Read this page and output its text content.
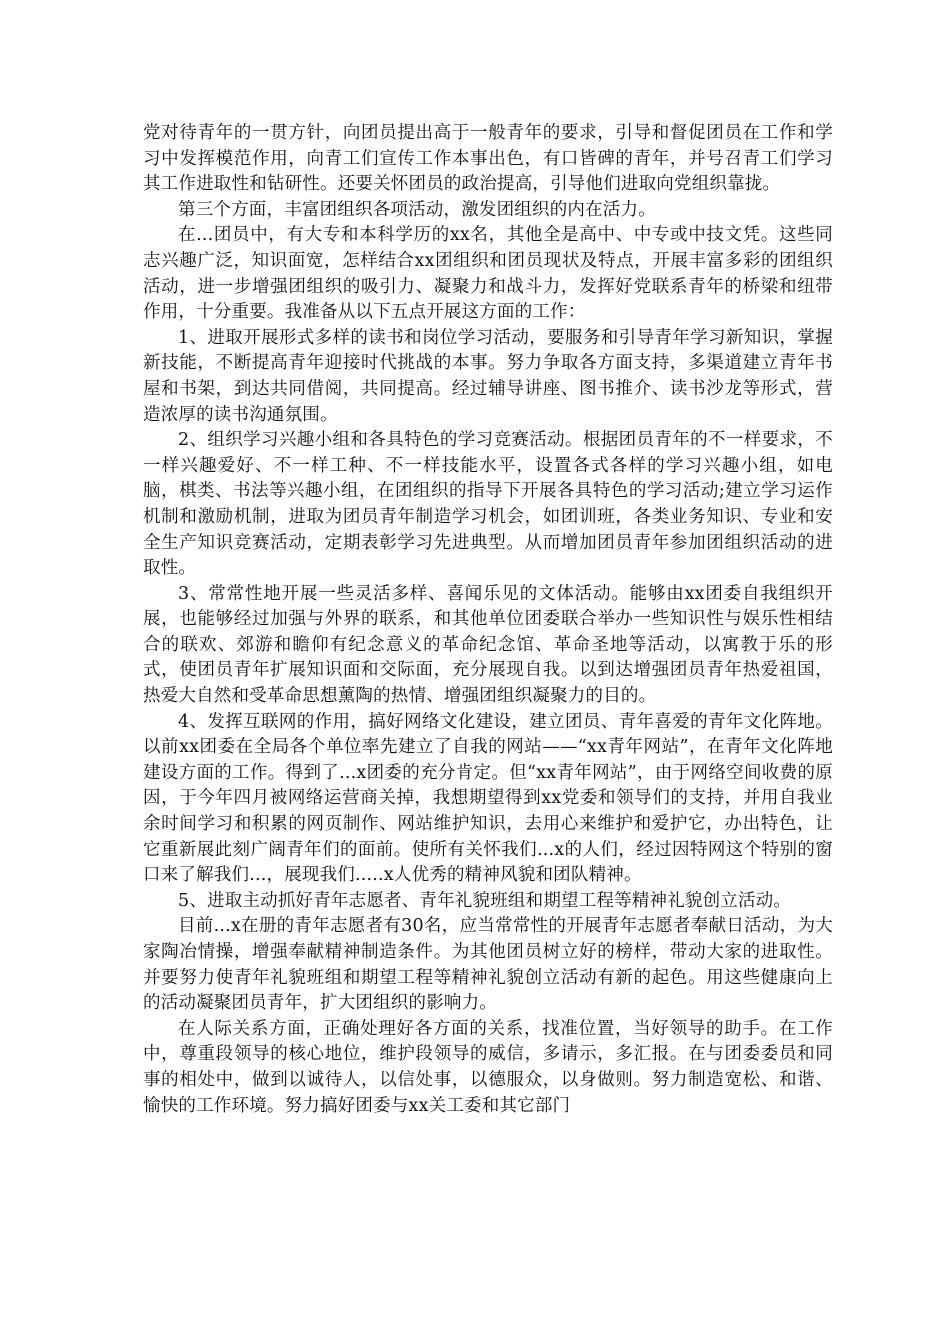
党对待青年的一贯方针，向团员提出高于一般青年的要求，引导和督促团员在工作和学习中发挥模范作用，向青工们宣传工作本事出色，有口皆碑的青年，并号召青工们学习其工作进取性和钻研性。还要关怀团员的政治提高，引导他们进取向党组织靠拢。

第三个方面，丰富团组织各项活动，激发团组织的内在活力。

在...团员中，有大专和本科学历的xx名，其他全是高中、中专或中技文凭。这些同志兴趣广泛，知识面宽，怎样结合xx团组织和团员现状及特点，开展丰富多彩的团组织活动，进一步增强团组织的吸引力、凝聚力和战斗力，发挥好党联系青年的桥梁和纽带作用，十分重要。我准备从以下五点开展这方面的工作：

1、进取开展形式多样的读书和岗位学习活动，要服务和引导青年学习新知识，掌握新技能，不断提高青年迎接时代挑战的本事。努力争取各方面支持，多渠道建立青年书屋和书架，到达共同借阅，共同提高。经过辅导讲座、图书推介、读书沙龙等形式，营造浓厚的读书沟通氛围。

2、组织学习兴趣小组和各具特色的学习竞赛活动。根据团员青年的不一样要求，不一样兴趣爱好、不一样工种、不一样技能水平，设置各式各样的学习兴趣小组，如电脑，棋类、书法等兴趣小组，在团组织的指导下开展各具特色的学习活动;建立学习运作机制和激励机制，进取为团员青年制造学习机会，如团训班，各类业务知识、专业和安全生产知识竞赛活动，定期表彰学习先进典型。从而增加团员青年参加团组织活动的进取性。

3、常常性地开展一些灵活多样、喜闻乐见的文体活动。能够由xx团委自我组织开展，也能够经过加强与外界的联系，和其他单位团委联合举办一些知识性与娱乐性相结合的联欢、郊游和瞻仰有纪念意义的革命纪念馆、革命圣地等活动，以寓教于乐的形式，使团员青年扩展知识面和交际面，充分展现自我。以到达增强团员青年热爱祖国，热爱大自然和受革命思想薰陶的热情、增强团组织凝聚力的目的。

4、发挥互联网的作用，搞好网络文化建设，建立团员、青年喜爱的青年文化阵地。以前xx团委在全局各个单位率先建立了自我的网站——“xx青年网站”，在青年文化阵地建设方面的工作。得到了...x团委的充分肯定。但“xx青年网站”，由于网络空间收费的原因，于今年四月被网络运营商关掉，我想期望得到xx党委和领导们的支持，并用自我业余时间学习和积累的网页制作、网站维护知识，去用心来维护和爱护它，办出特色，让它重新展此刻广阔青年们的面前。使所有关怀我们...x的人们，经过因特网这个特别的窗口来了解我们...，展现我们.....x人优秀的精神风貌和团队精神。

5、进取主动抓好青年志愿者、青年礼貌班组和期望工程等精神礼貌创立活动。

目前...x在册的青年志愿者有30名，应当常常性的开展青年志愿者奉献日活动，为大家陶冶情操，增强奉献精神制造条件。为其他团员树立好的榜样，带动大家的进取性。并要努力使青年礼貌班组和期望工程等精神礼貌创立活动有新的起色。用这些健康向上的活动凝聚团员青年，扩大团组织的影响力。

在人际关系方面，正确处理好各方面的关系，找准位置，当好领导的助手。在工作中，尊重段领导的核心地位，维护段领导的威信，多请示，多汇报。在与团委委员和同事的相处中，做到以诚待人，以信处事，以德服众，以身做则。努力制造宽松、和谐、愉快的工作环境。努力搞好团委与xx关工委和其它部门
